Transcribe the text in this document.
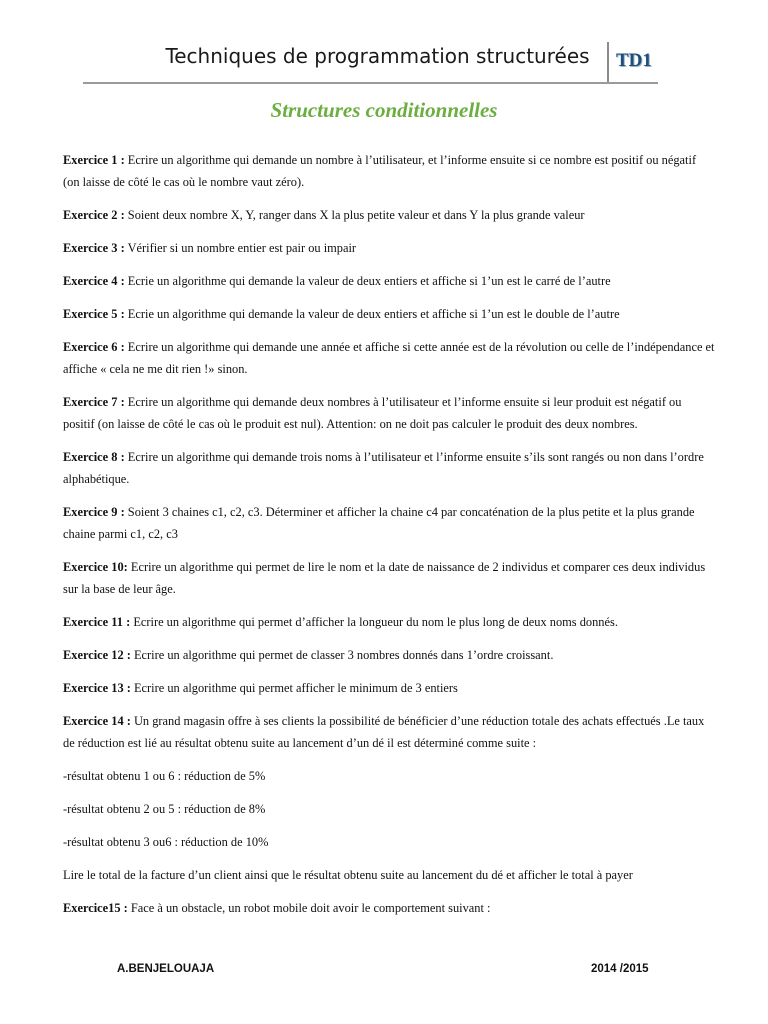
Techniques de programmation structurées	TD1
Structures conditionnelles

Exercice 1 : Ecrire un algorithme qui demande un nombre à l’utilisateur, et l’informe ensuite si ce nombre est positif ou négatif (on laisse de côté le cas où le nombre vaut zéro).

Exercice 2 : Soient deux nombre X, Y, ranger dans X la plus petite valeur et dans Y la plus grande valeur

Exercice 3 : Vérifier si un nombre entier est pair ou impair

Exercice 4 : Ecrie un algorithme qui demande la valeur de deux entiers et affiche si 1’un est le carré de l’autre

Exercice 5 : Ecrie un algorithme qui demande la valeur de deux entiers et affiche si 1’un est le double de l’autre

Exercice 6 : Ecrire un algorithme qui demande une année et affiche si cette année est de la révolution ou celle de l’indépendance et affiche « cela ne me dit rien !» sinon.

Exercice 7 : Ecrire un algorithme qui demande deux nombres à l’utilisateur et l’informe ensuite si leur produit est négatif ou positif (on laisse de côté le cas où le produit est nul). Attention: on ne doit pas calculer le produit des deux nombres.

Exercice 8 : Ecrire un algorithme qui demande trois noms à l’utilisateur et l’informe ensuite s’ils sont rangés ou non dans l’ordre alphabétique.

Exercice 9 : Soient 3 chaines c1, c2, c3. Déterminer et afficher la chaine c4 par concaténation de la plus petite et la plus grande chaine parmi c1, c2, c3

Exercice 10: Ecrire un algorithme qui permet de lire le nom et la date de naissance de 2 individus et comparer ces deux individus sur la base de leur âge.

Exercice 11 : Ecrire un algorithme qui permet d’afficher la longueur du nom le plus long de deux noms donnés.

Exercice 12 : Ecrire un algorithme qui permet de classer 3 nombres donnés dans 1’ordre croissant.

Exercice 13 : Ecrire un algorithme qui permet afficher le minimum de 3 entiers

Exercice 14 : Un grand magasin offre à ses clients la possibilité de bénéficier d’une réduction totale des achats effectués .Le taux de réduction est lié au résultat obtenu suite au lancement d’un dé il est déterminé comme suite :

-résultat obtenu 1 ou 6 : réduction de 5%

-résultat obtenu 2 ou 5 : réduction de 8%

-résultat obtenu 3 ou6 : réduction de 10%

Lire le total de la facture d’un client ainsi que le résultat obtenu suite au lancement du dé et afficher le total à payer

Exercice15 : Face à un obstacle, un robot mobile doit avoir le comportement suivant :

A.BENJELOUAJA	2014 /2015
